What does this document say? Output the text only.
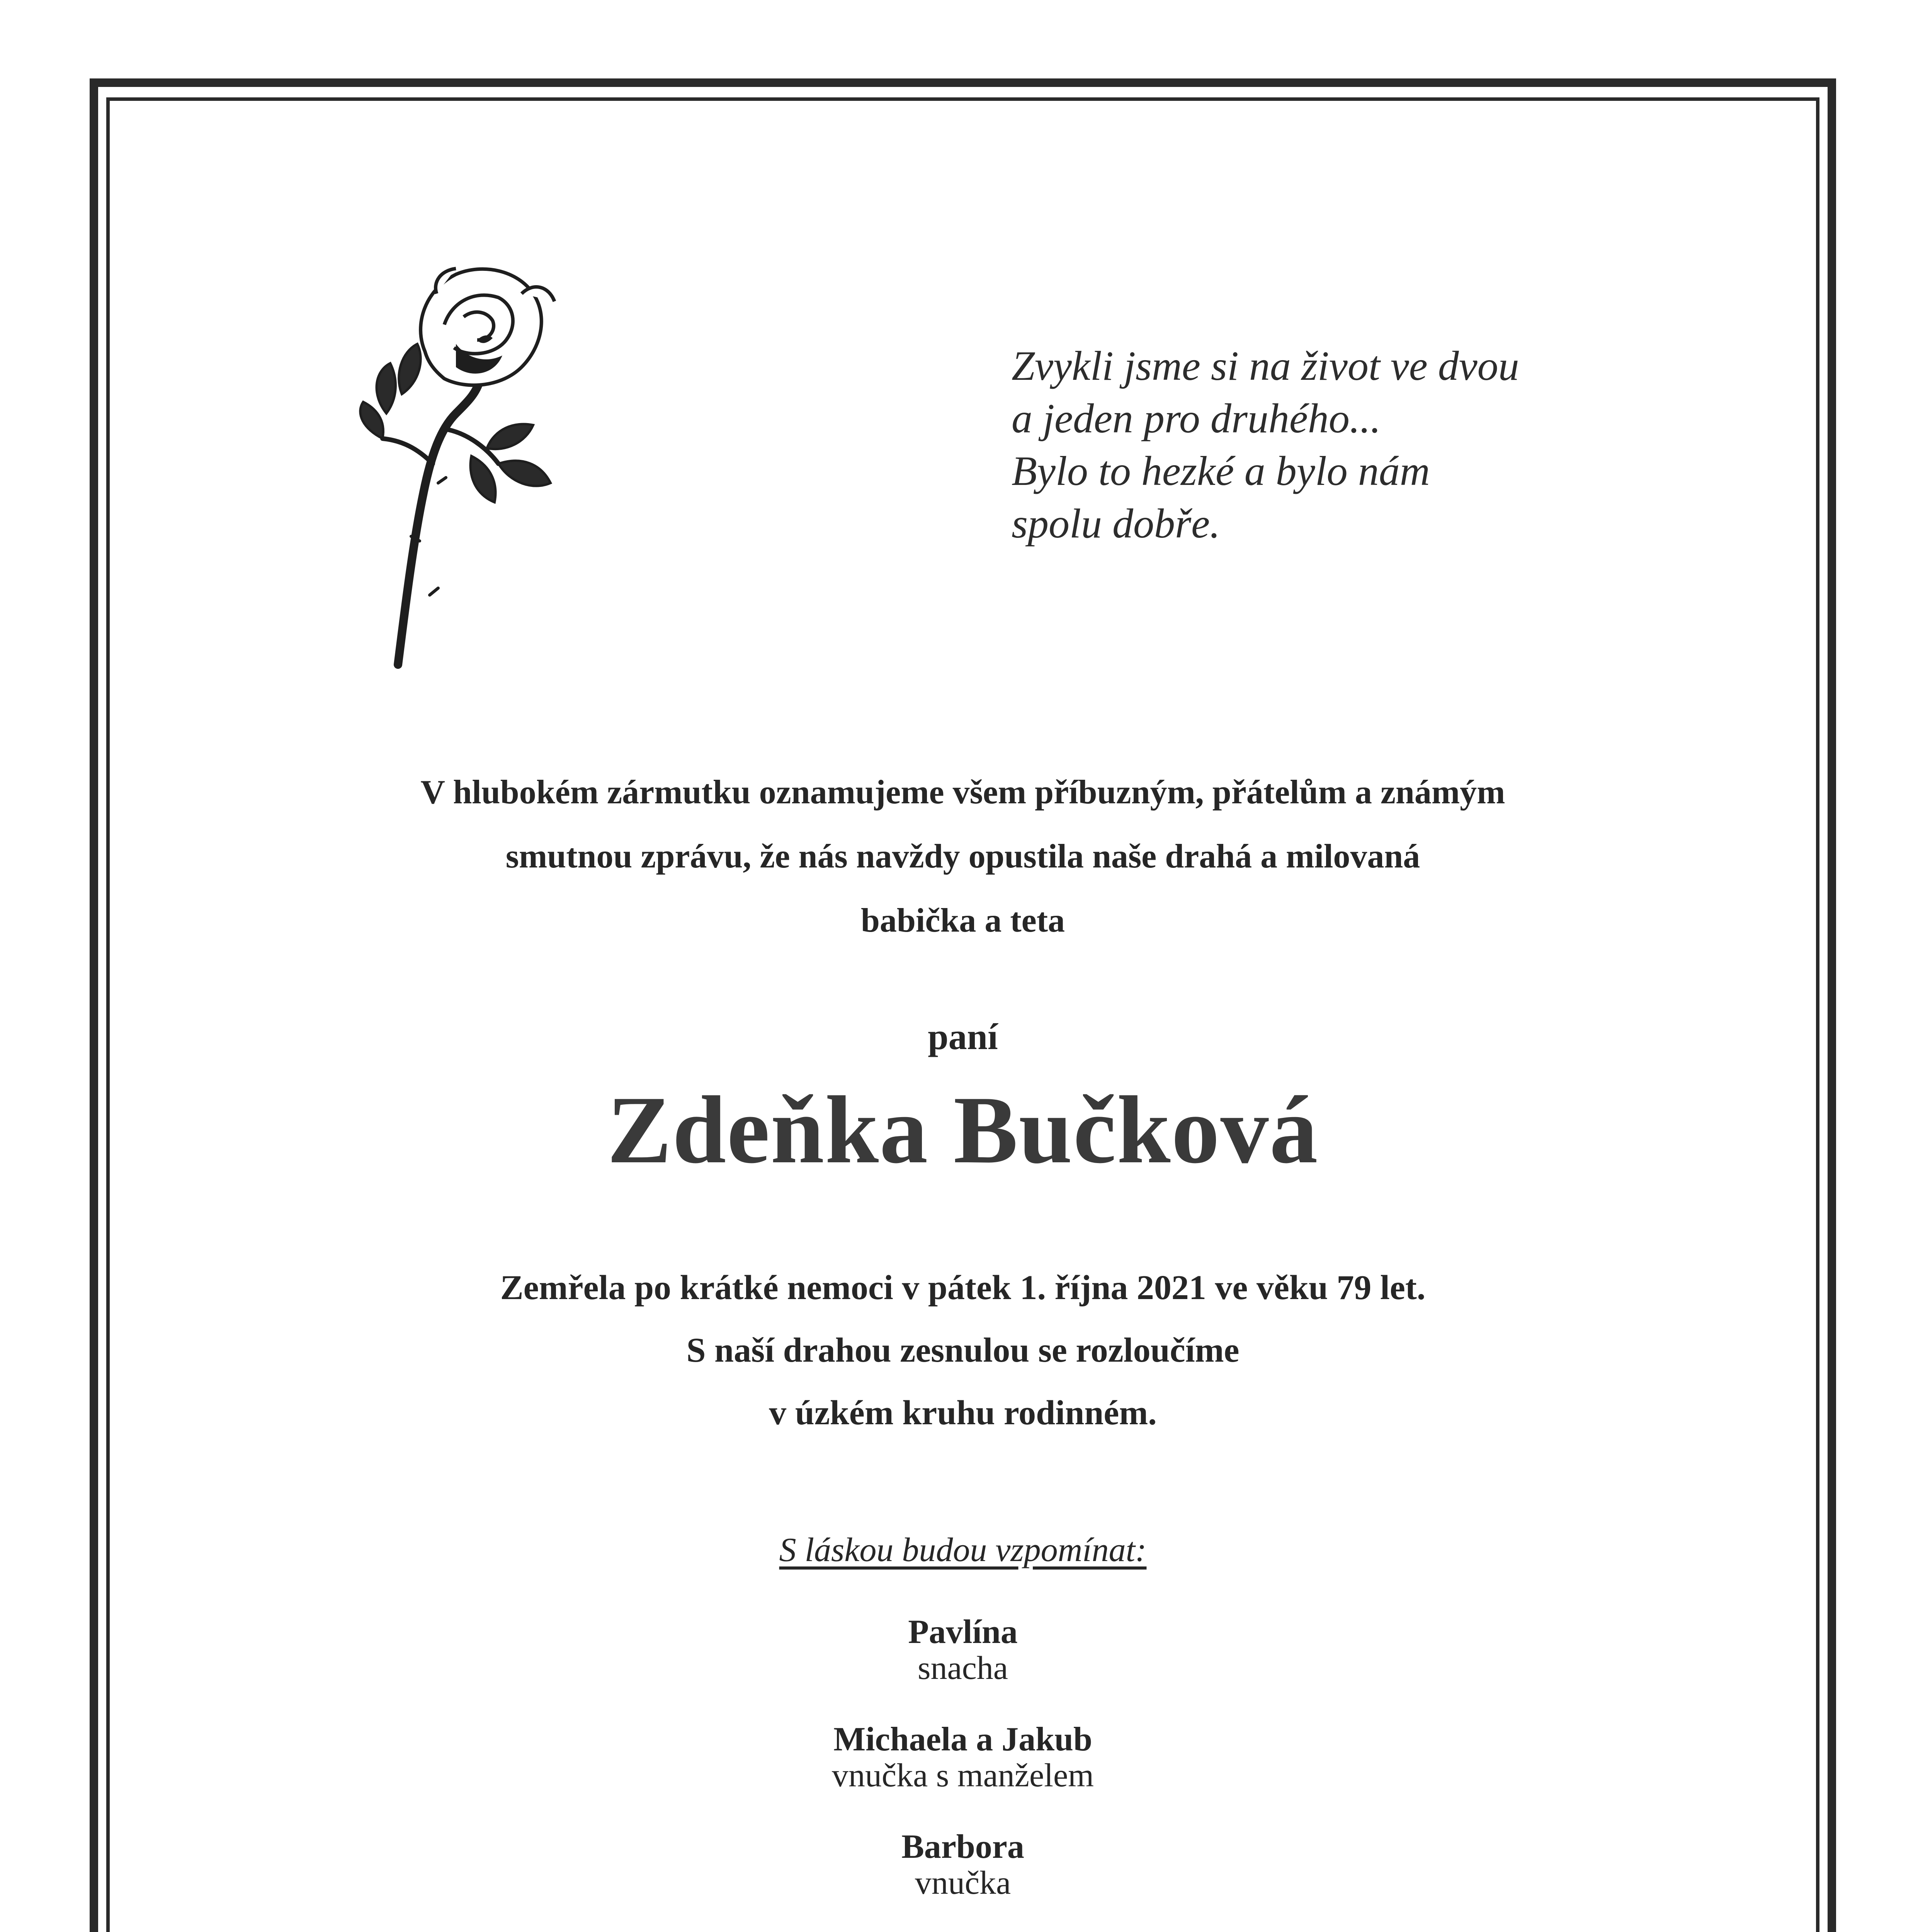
Zvykli jsme si na život ve dvou
a jeden pro druhého...
Bylo to hezké a bylo nám
spolu dobře.
V hlubokém zármutku oznamujeme všem příbuzným, přátelům a známým
smutnou zprávu, že nás navždy opustila naše drahá a milovaná
babička a teta
paní
Zdeňka Bučková
Zemřela po krátké nemoci v pátek 1. října 2021 ve věku 79 let.
S naší drahou zesnulou se rozloučíme
v úzkém kruhu rodinném.
S láskou budou vzpomínat:
Pavlína
snacha
Michaela a Jakub
vnučka s manželem
Barbora
vnučka
